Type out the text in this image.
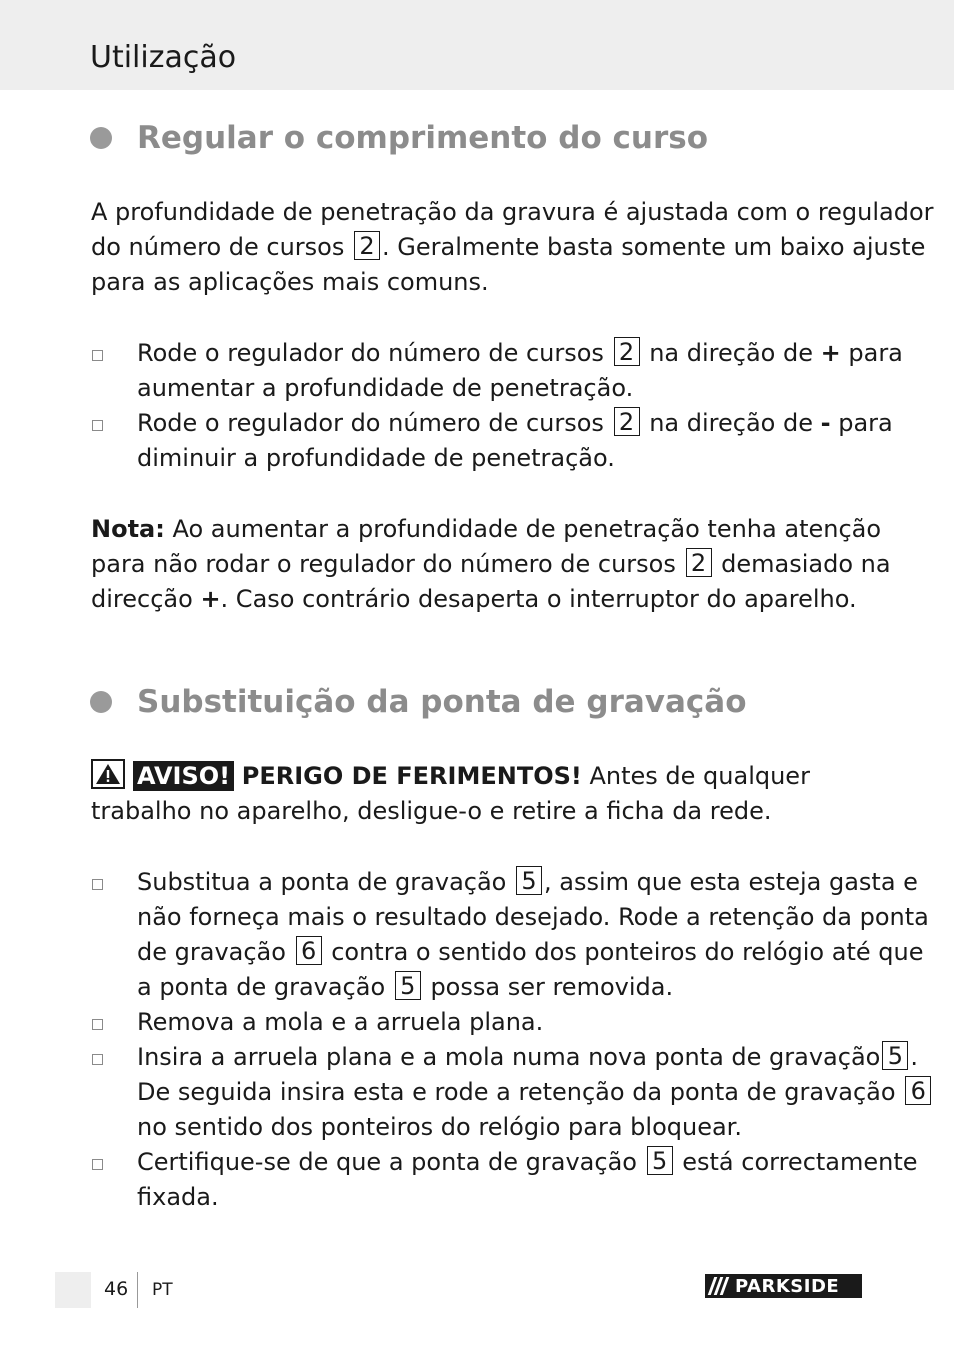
Utilização
Regular o comprimento do curso
A profundidade de penetração da gravura é ajustada com o regulador
do número de cursos 2 . Geralmente basta somente um baixo ajuste
para as aplicações mais comuns.
Rode o regulador do número de cursos 2 na direção de + para
aumentar a profundidade de penetração.
Rode o regulador do número de cursos 2 na direção de - para
diminuir a profundidade de penetração.
Nota: Ao aumentar a profundidade de penetração tenha atenção
para não rodar o regulador do número de cursos 2 demasiado na
direcção +. Caso contrário desaperta o interruptor do aparelho.
Substituição da ponta de gravação
AVISO! PERIGO DE FERIMENTOS! Antes de qualquer
trabalho no aparelho, desligue-o e retire a ficha da rede.
Substitua a ponta de gravação 5 , assim que esta esteja gasta e
não forneça mais o resultado desejado. Rode a retenção da ponta
de gravação 6 contra o sentido dos ponteiros do relógio até que
a ponta de gravação 5 possa ser removida.
Remova a mola e a arruela plana.
Insira a arruela plana e a mola numa nova ponta de gravação 5 .
De seguida insira esta e rode a retenção da ponta de gravação 6
no sentido dos ponteiros do relógio para bloquear.
Certifique-se de que a ponta de gravação 5 está correctamente
fixada.
46 PT	PARKSIDE
